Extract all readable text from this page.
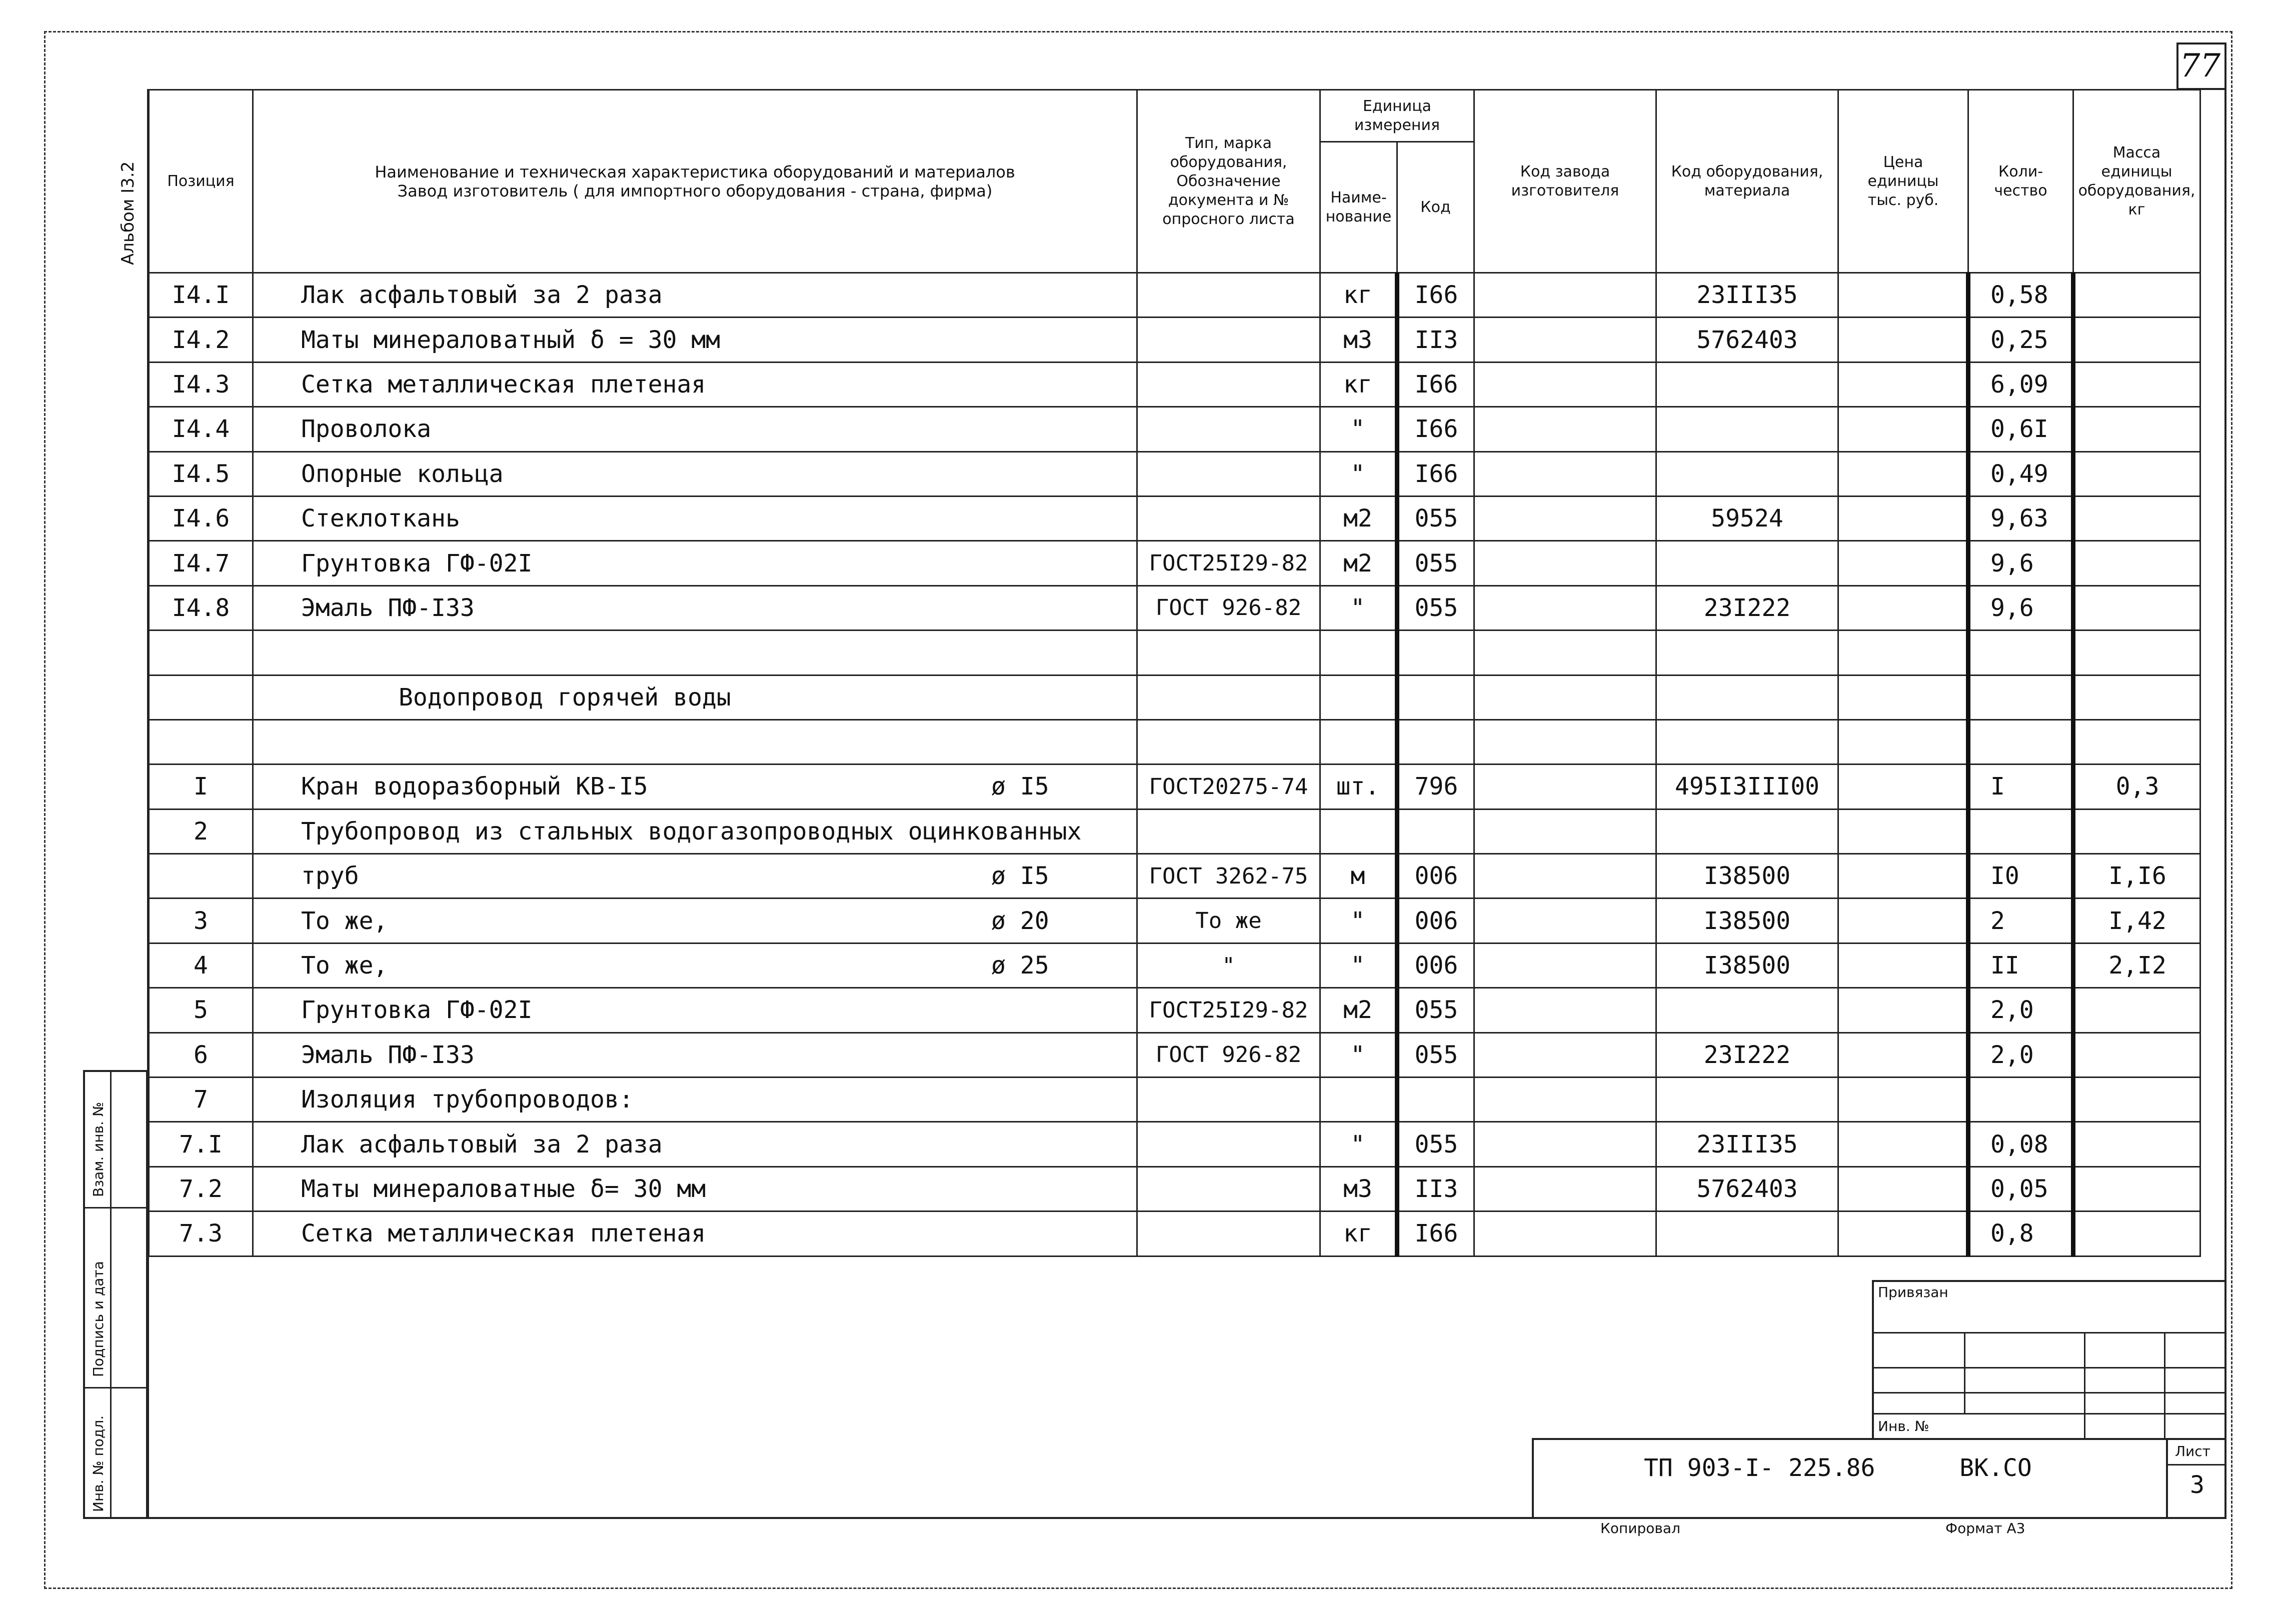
77
Альбом I3.2
Взам. инв. №
Подпись и дата
Инв. № подл.
Позиция	Наименование и техническая характеристика оборудований и материалов Завод изготовитель ( для импортного оборудования - страна, фирма)	Тип, марка оборудования, Обозначение документа и № опросного листа	Единица измерения		Код завода изготовителя	Код оборудования, материала	Цена единицы тыс. руб.	Коли-чество	Масса единицы оборудования, кг
			Наиме-нование	Код					
I4.I	Лак асфальтовый за 2 раза		кг	I66		23III35		0,58	
I4.2	Маты минераловатный δ = 30 мм		м3	II3		5762403		0,25	
I4.3	Сетка металлическая плетеная		кг	I66				6,09	
I4.4	Проволока		"	I66				0,6I	
I4.5	Опорные кольца		"	I66				0,49	
I4.6	Стеклоткань		м2	055		59524		9,63	
I4.7	Грунтовка ГФ-02I	ГОСТ25I29-82	м2	055				9,6	
I4.8	Эмаль ПФ-I33	ГОСТ 926-82	"	055		23I222		9,6	

	Водопровод горячей воды								

I	Кран водоразборный КВ-I5 ø I5	ГОСТ20275-74	шт.	796		495I3III00		I	0,3
2	Трубопровод из стальных водогазопроводных оцинкованных								
	труб ø I5	ГОСТ 3262-75	м	006		I38500		I0	I,I6
3	То же, ø 20	То же	"	006		I38500		2	I,42
4	То же, ø 25	"	"	006		I38500		II	2,I2
5	Грунтовка ГФ-02I	ГОСТ25I29-82	м2	055				2,0	
6	Эмаль ПФ-I33	ГОСТ 926-82	"	055		23I222		2,0	
7	Изоляция трубопроводов:								
7.I	Лак асфальтовый за 2 раза		"	055		23III35		0,08	
7.2	Маты минераловатные δ= 30 мм		м3	II3		5762403		0,05	
7.3	Сетка металлическая плетеная		кг	I66				0,8	
Привязан
Инв. №
ТП 903-I- 225.86	ВК.СО
Лист
3
Копировал	Формат А3
